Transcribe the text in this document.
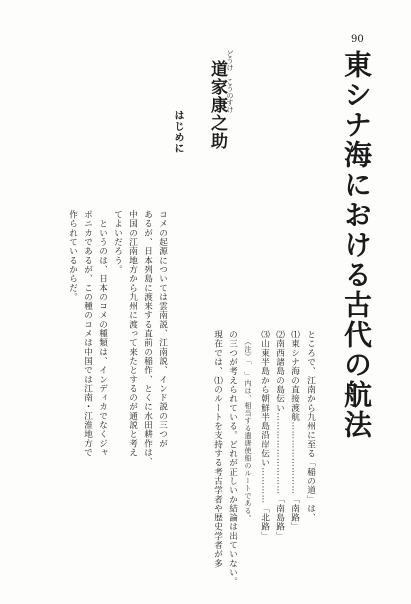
90
東シナ海における古代の航法
どうけ　こうのすけ
道家康之助
はじめに
コメの起源については雲南説、江南説、インド説の三つが
あるが、日本列島に渡来する直前の稲作、とくに水田耕作は、
中国の江南地方から九州に渡って来たとするのが通説と考え
てよいだろう。
　というのは、日本のコメの種類は、インディカでなくジャ
ポニカであるが、この種のコメは中国では江南・江淮地方で
作られているからだ。
ところで、江南から九州に至る「稲の道」は、
⑴東シナ海の直接渡航……………………「南路」
⑵南西諸島の島伝い………………………「南島路」
⑶山東半島から朝鮮半島沿岸伝い…………「北路」
（注）「　」内は、相当する遣唐使船のルートである。
の三つが考えられている。どれが正しいか結論は出ていない。
現在では、⑴のルートを支持する考古学者や歴史学者が多
